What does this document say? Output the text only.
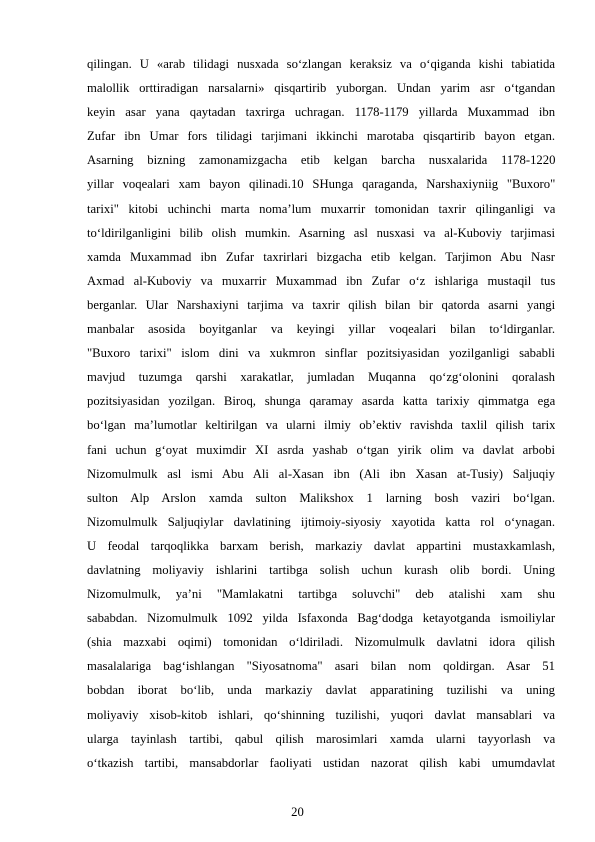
qilingan. U «arab tilidagi nusxada so‘zlangan keraksiz va o‘qiganda kishi tabiatida
malollik orttiradigan narsalarni» qisqartirib yuborgan. Undan yarim asr o‘tgandan
keyin asar yana qaytadan taxrirga uchragan. 1178-1179 yillarda Muxammad ibn
Zufar ibn Umar fors tilidagi tarjimani ikkinchi marotaba qisqartirib bayon etgan.
Asarning bizning zamonamizgacha etib kelgan barcha nusxalarida 1178-1220
yillar voqealari xam bayon qilinadi.10 SHunga qaraganda, Narshaxiyniig "Buxoro"
tarixi" kitobi uchinchi marta noma’lum muxarrir tomonidan taxrir qilinganligi va
to‘ldirilganligini bilib olish mumkin. Asarning asl nusxasi va al-Kuboviy tarjimasi
xamda Muxammad ibn Zufar taxrirlari bizgacha etib kelgan. Tarjimon Abu Nasr
Axmad al-Kuboviy va muxarrir Muxammad ibn Zufar o‘z ishlariga mustaqil tus
berganlar. Ular Narshaxiyni tarjima va taxrir qilish bilan bir qatorda asarni yangi
manbalar asosida boyitganlar va keyingi yillar voqealari bilan to‘ldirganlar.
"Buxoro tarixi" islom dini va xukmron sinflar pozitsiyasidan yozilganligi sababli
mavjud tuzumga qarshi xarakatlar, jumladan Muqanna qo‘zg‘olonini qoralash
pozitsiyasidan yozilgan. Biroq, shunga qaramay asarda katta tarixiy qimmatga ega
bo‘lgan ma’lumotlar keltirilgan va ularni ilmiy ob’ektiv ravishda taxlil qilish tarix
fani uchun g‘oyat muximdir XI asrda yashab o‘tgan yirik olim va davlat arbobi
Nizomulmulk asl ismi Abu Ali al-Xasan ibn (Ali ibn Xasan at-Tusiy) Saljuqiy
sulton Alp Arslon xamda sulton Malikshox 1 larning bosh vaziri bo‘lgan.
Nizomulmulk Saljuqiylar davlatining ijtimoiy-siyosiy xayotida katta rol o‘ynagan.
U feodal tarqoqlikka barxam berish, markaziy davlat appartini mustaxkamlash,
davlatning moliyaviy ishlarini tartibga solish uchun kurash olib bordi. Uning
Nizomulmulk, ya’ni "Mamlakatni tartibga soluvchi" deb atalishi xam shu
sababdan. Nizomulmulk 1092 yilda Isfaxonda Bag‘dodga ketayotganda ismoiliylar
(shia mazxabi oqimi) tomonidan o‘ldiriladi. Nizomulmulk davlatni idora qilish
masalalariga bag‘ishlangan "Siyosatnoma" asari bilan nom qoldirgan. Asar 51
bobdan iborat bo‘lib, unda markaziy davlat apparatining tuzilishi va uning
moliyaviy xisob-kitob ishlari, qo‘shinning tuzilishi, yuqori davlat mansablari va
ularga tayinlash tartibi, qabul qilish marosimlari xamda ularni tayyorlash va
o‘tkazish tartibi, mansabdorlar faoliyati ustidan nazorat qilish kabi umumdavlat
20
